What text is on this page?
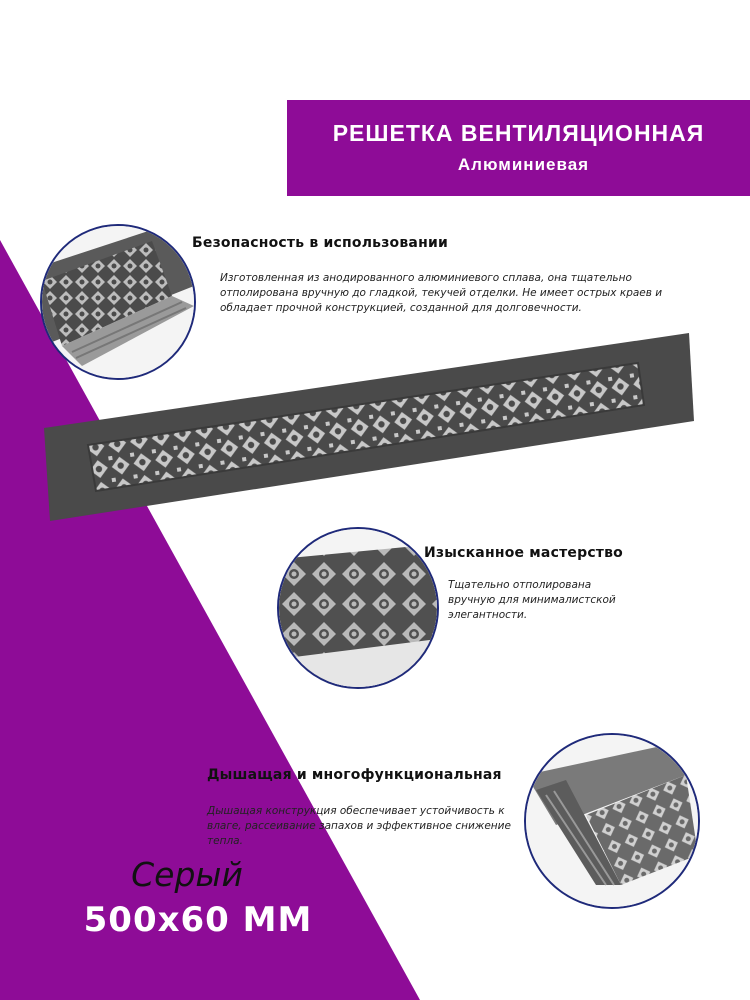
РЕШЕТКА ВЕНТИЛЯЦИОННАЯ
Алюминиевая
Безопасность в использовании
Изготовленная из анодированного алюминиевого сплава, она тщательно отполирована вручную до гладкой, текучей отделки. Не имеет острых краев и обладает прочной конструкцией, созданной для долговечности.
Изысканное мастерство
Тщательно отполирована вручную для минималистской элегантности.
Дышащая и многофункциональная
Дышащая конструкция обеспечивает устойчивость к влаге, рассеивание запахов и эффективное снижение тепла.
Серый
500x60 ММ
